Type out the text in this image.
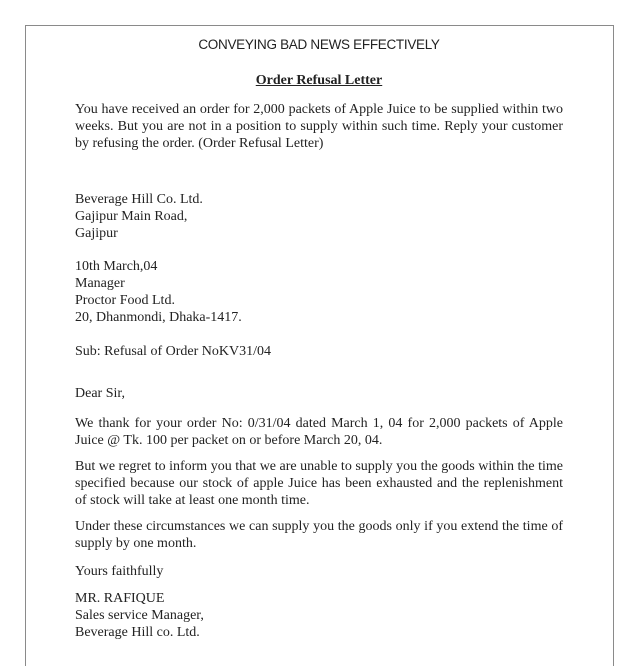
CONVEYING BAD NEWS EFFECTIVELY
Order Refusal Letter
You have received an order for 2,000 packets of Apple Juice to be supplied within two weeks. But you are not in a position to supply within such time. Reply your customer by refusing the order. (Order Refusal Letter)
Beverage Hill Co. Ltd.
Gajipur Main Road,
Gajipur
10th March,04
Manager
Proctor Food Ltd.
20, Dhanmondi, Dhaka-1417.
Sub: Refusal of Order NoKV31/04
Dear Sir,
We thank for your order No: 0/31/04 dated March 1, 04 for 2,000 packets of Apple Juice @ Tk. 100 per packet on or before March 20, 04.
But we regret to inform you that we are unable to supply you the goods within the time specified because our stock of apple Juice has been exhausted and the replenishment of stock will take at least one month time.
Under these circumstances we can supply you the goods only if you extend the time of supply by one month.
Yours faithfully
MR. RAFIQUE
Sales service Manager,
Beverage Hill co. Ltd.
